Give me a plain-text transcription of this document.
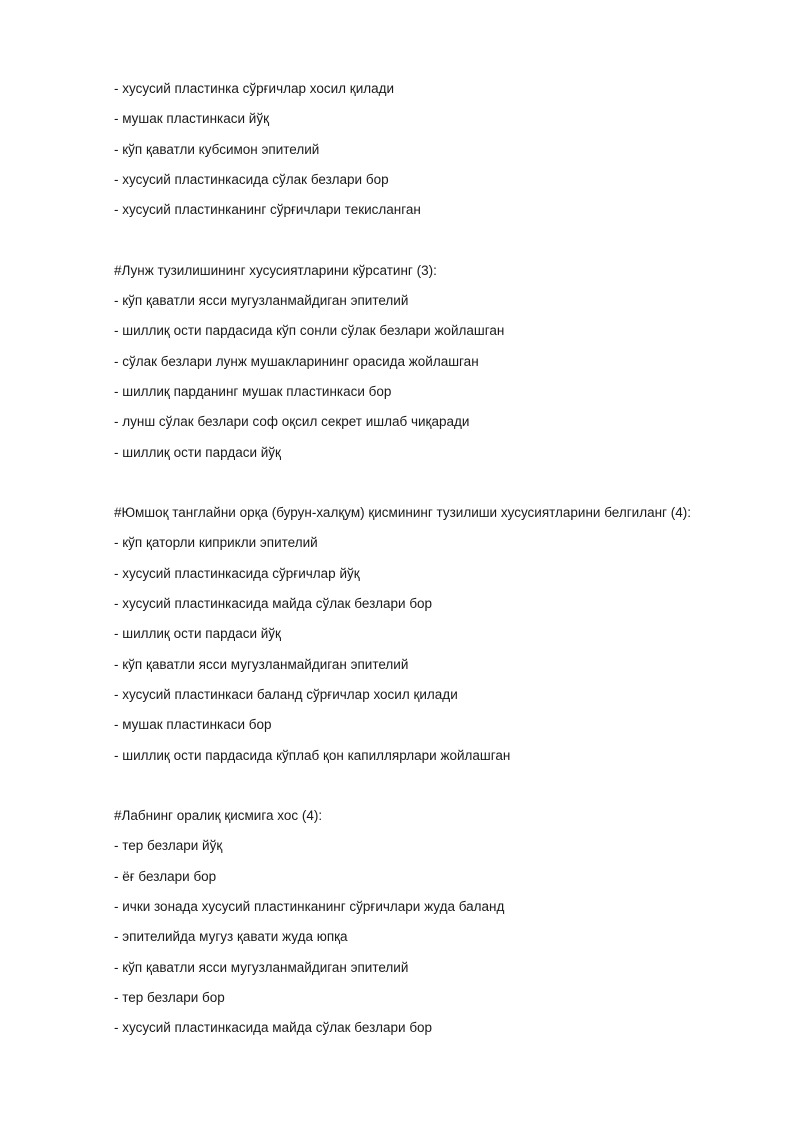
- хусусий пластинка сўрғичлар хосил қилади
- мушак пластинкаси йўқ
- кўп қаватли кубсимон эпителий
- хусусий пластинкасида сўлак безлари бор
- хусусий пластинканинг сўрғичлари текисланган
#Лунж тузилишининг хусусиятларини кўрсатинг (3):
- кўп қаватли ясси мугузланмайдиган эпителий
- шиллиқ ости пардасида кўп сонли сўлак безлари жойлашган
- сўлак безлари лунж мушакларининг орасида жойлашган
- шиллиқ парданинг мушак пластинкаси бор
- лунш сўлак безлари соф оқсил секрет ишлаб чиқаради
- шиллиқ ости пардаси йўқ
#Юмшоқ танглайни орқа (бурун-халқум) қисмининг тузилиши хусусиятларини белгиланг (4):
- кўп қаторли киприкли эпителий
- хусусий пластинкасида сўрғичлар йўқ
- хусусий пластинкасида майда сўлак безлари бор
- шиллиқ ости пардаси йўқ
- кўп қаватли ясси мугузланмайдиган эпителий
- хусусий пластинкаси баланд сўрғичлар хосил қилади
- мушак пластинкаси бор
- шиллиқ ости пардасида кўплаб қон капиллярлари жойлашган
#Лабнинг оралиқ қисмига хос (4):
- тер безлари йўқ
- ёғ безлари бор
- ички зонада хусусий пластинканинг сўрғичлари жуда баланд
- эпителийда мугуз қавати жуда юпқа
- кўп қаватли ясси мугузланмайдиган эпителий
- тер безлари бор
- хусусий пластинкасида майда сўлак безлари бор
